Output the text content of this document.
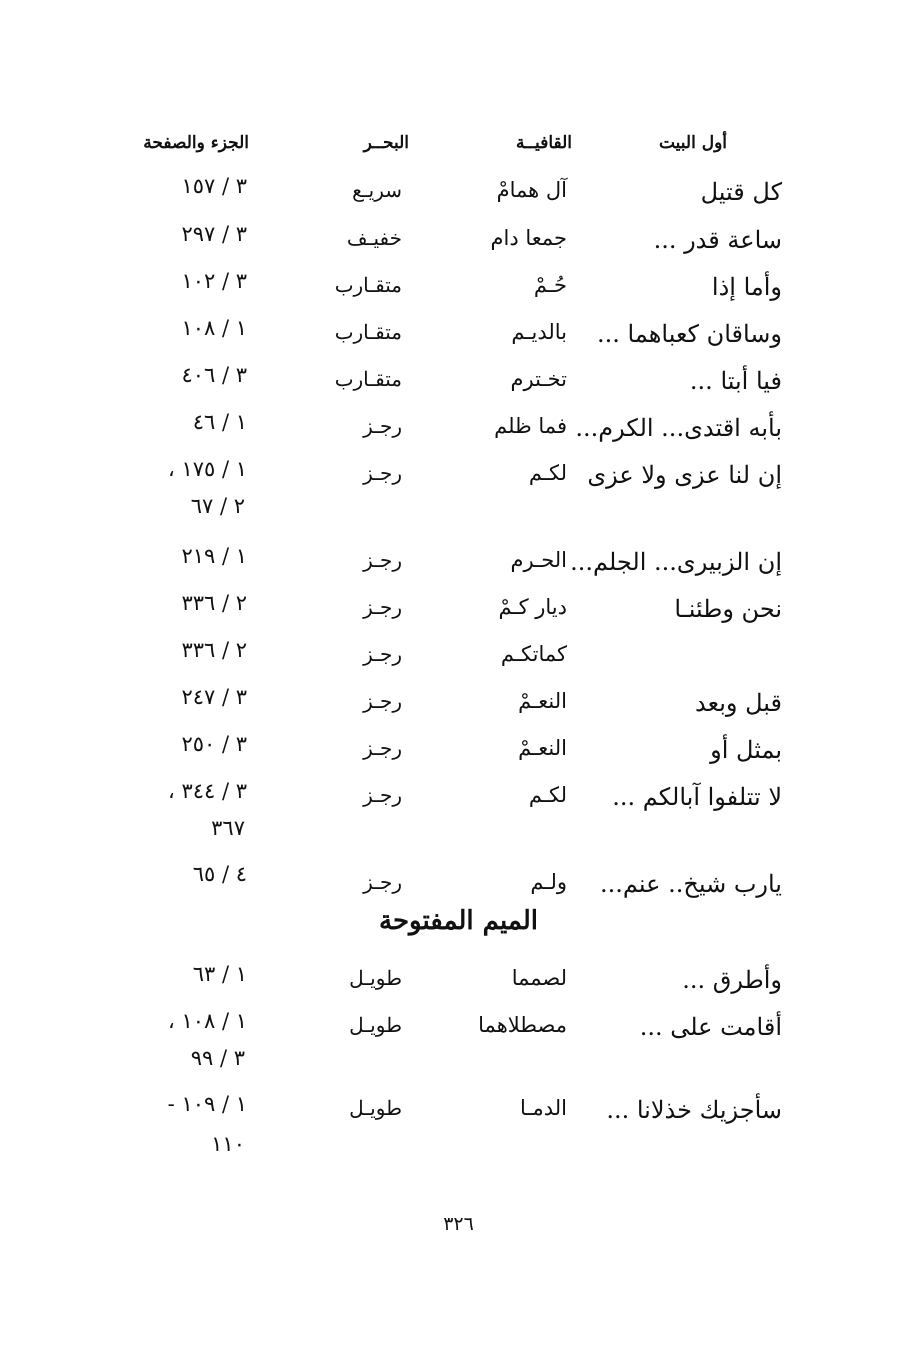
أول البيت
القافيــة
البحــر
الجزء والصفحة
كل قتيل
آل همامْ
سريـع
٣ / ١٥٧
ساعة قدر ...
جمعا دام
خفيـف
٣ / ٢٩٧
وأما إذا
حُـمْ
متقـارب
٣ / ١٠٢
وساقان كعباهما ...
بالديـم
متقـارب
١ / ١٠٨
فيا أبتا ...
تخـترم
متقـارب
٣ / ٤٠٦
بأبه اقتدى... الكرم...
فما ظلم
رجـز
١ / ٤٦
إن لنا عزى ولا عزى
لكـم
رجـز
١ / ١٧٥ ،
٢ / ٦٧
إن الزبيرى... الجلم...
الحـرم
رجـز
١ / ٢١٩
نحن وطئنـا
ديار كـمْ
رجـز
٢ / ٣٣٦
كماتكـم
رجـز
٢ / ٣٣٦
قبل وبعد
النعـمْ
رجـز
٣ / ٢٤٧
بمثل أو
النعـمْ
رجـز
٣ / ٢٥٠
لا تتلفوا آبالكم ...
لكـم
رجـز
٣ / ٣٤٤ ،
٣٦٧
يارب شيخ.. عنم...
ولـم
رجـز
٤ / ٦٥
الميم المفتوحة
وأطرق ...
لصمما
طويـل
١ / ٦٣
أقامت على ...
مصطلاهما
طويـل
١ / ١٠٨ ،
٣ / ٩٩
سأجزيك خذلانا ...
الدمـا
طويـل
١ / ١٠٩ -
١١٠
٣٢٦
